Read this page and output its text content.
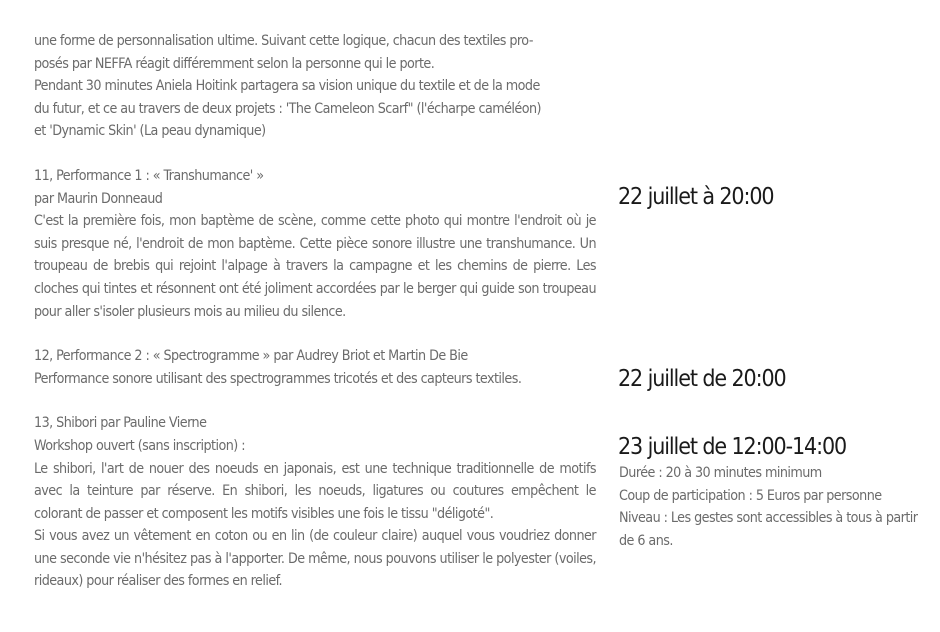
une forme de personnalisation ultime. Suivant cette logique, chacun des textiles pro-

posés par NEFFA réagit différemment selon la personne qui le porte.

Pendant 30 minutes Aniela Hoitink partagera sa vision unique du textile et de la mode

du futur, et ce au travers de deux projets : 'The Cameleon Scarf" (l'écharpe caméléon)

et 'Dynamic Skin' (La peau dynamique)

11, Performance 1 : « Transhumance' »

par Maurin Donneaud

C'est la première fois, mon baptème de scène, comme cette photo qui montre l'endroit où je suis presque né, l'endroit de mon baptème. Cette pièce sonore illustre une transhumance. Un troupeau de brebis qui rejoint l'alpage à travers la campagne et les chemins de pierre. Les cloches qui tintes et résonnent ont été joliment accordées par le berger qui guide son troupeau pour aller s'isoler plusieurs mois au milieu du silence.

12, Performance 2 : « Spectrogramme » par Audrey Briot et Martin De Bie

Performance sonore utilisant des spectrogrammes tricotés et des capteurs textiles.

13, Shibori par Pauline Vierne

Workshop ouvert (sans inscription) :

Le shibori, l'art de nouer des noeuds en japonais, est une technique traditionnelle de motifs avec la teinture par réserve. En shibori, les noeuds, ligatures ou coutures empêchent le colorant de passer et composent les motifs visibles une fois le tissu "déligoté".

Si vous avez un vêtement en coton ou en lin (de couleur claire) auquel vous voudriez donner une seconde vie n'hésitez pas à l'apporter. De même, nous pouvons utiliser le polyester (voiles, rideaux) pour réaliser des formes en relief.

22 juillet à 20:00
22 juillet de 20:00
23 juillet de 12:00-14:00

Durée : 20 à 30 minutes minimum

Coup de participation : 5 Euros par personne

Niveau : Les gestes sont accessibles à tous à partir de 6 ans.
